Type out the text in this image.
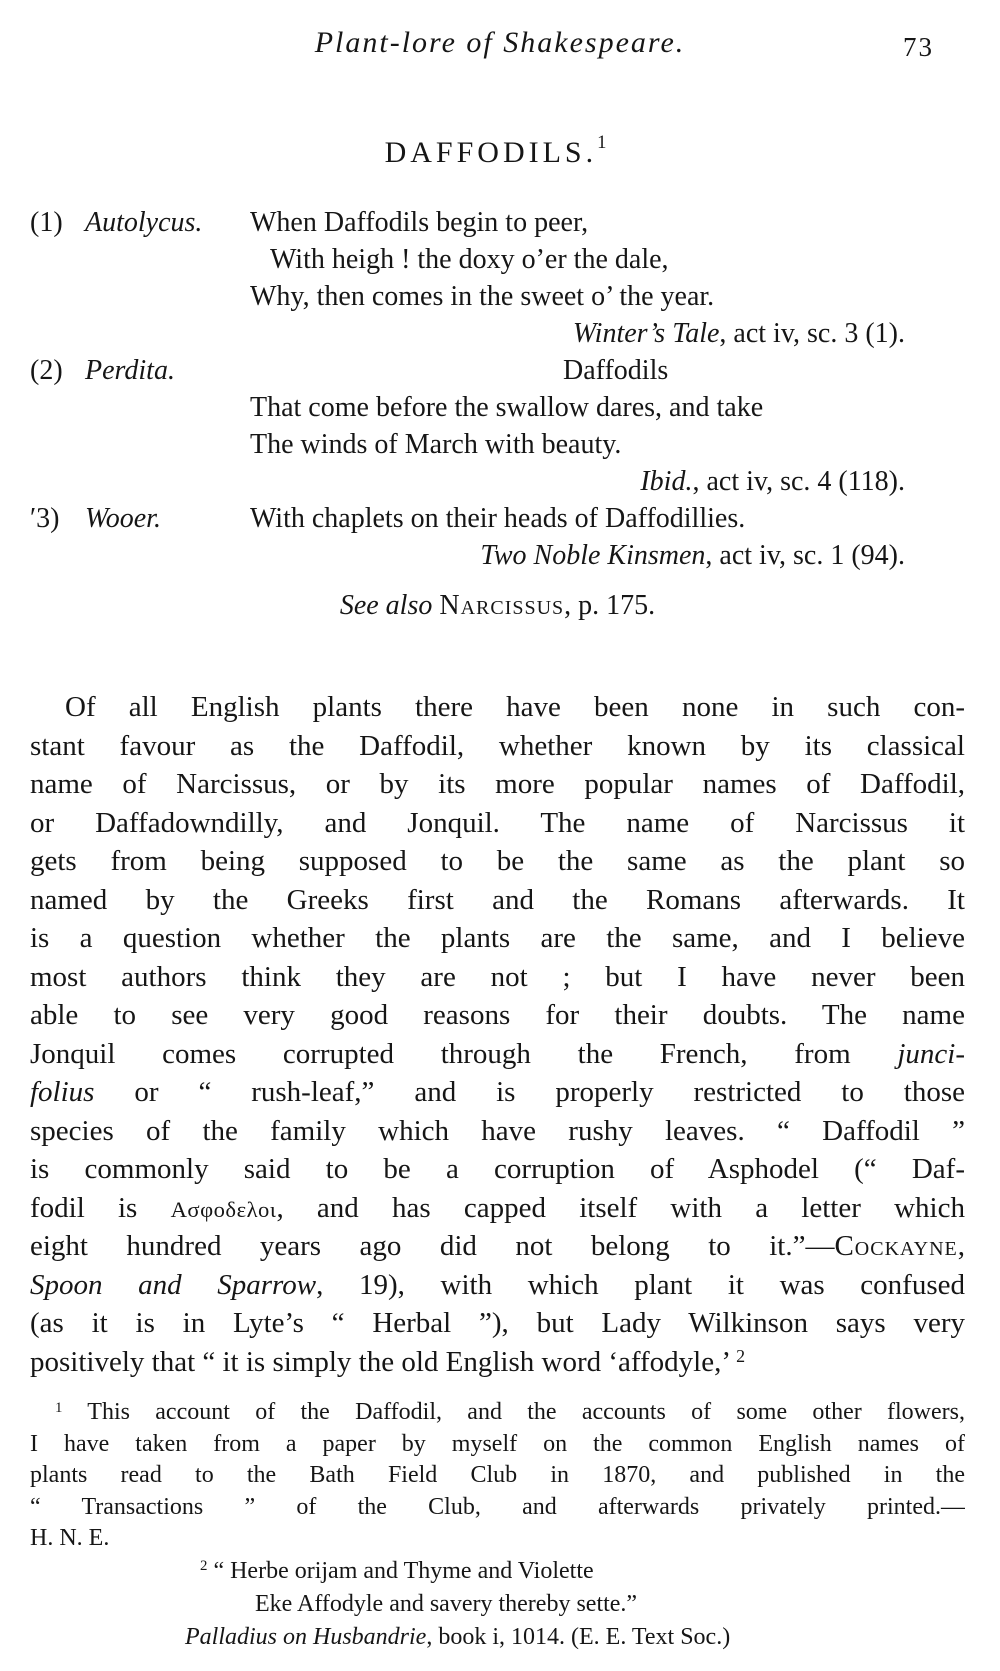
Plant-lore of Shakespeare.	73
DAFFODILS.$^1$
(1) Autolycus.	When Daffodils begin to peer,
With heigh ! the doxy o’er the dale,
Why, then comes in the sweet o’ the year.
Winter’s Tale, act iv, sc. 3 (1).
(2) Perdita.	Daffodils
That come before the swallow dares, and take
The winds of March with beauty.
Ibid., act iv, sc. 4 (118).
′3) Wooer.	With chaplets on their heads of Daffodillies.
Two Noble Kinsmen, act iv, sc. 1 (94).
See also Narcissus, p. 175.
Of all English plants there have been none in such con-
stant favour as the Daffodil, whether known by its classical
name of Narcissus, or by its more popular names of Daffodil,
or Daffadowndilly, and Jonquil. The name of Narcissus it
gets from being supposed to be the same as the plant so
named by the Greeks first and the Romans afterwards. It
is a question whether the plants are the same, and I believe
most authors think they are not ; but I have never been
able to see very good reasons for their doubts. The name
Jonquil comes corrupted through the French, from junci-
folius or “ rush-leaf,” and is properly restricted to those
species of the family which have rushy leaves. “ Daffodil ”
is commonly said to be a corruption of Asphodel (“ Daf-
fodil is Ασφοδελοι, and has capped itself with a letter which
eight hundred years ago did not belong to it.”—Cockayne,
Spoon and Sparrow, 19), with which plant it was confused
(as it is in Lyte’s “ Herbal ”), but Lady Wilkinson says very
positively that “ it is simply the old English word ‘affodyle,’ $^2$
$^1$ This account of the Daffodil, and the accounts of some other flowers,
I have taken from a paper by myself on the common English names of
plants read to the Bath Field Club in 1870, and published in the
“ Transactions ” of the Club, and afterwards privately printed.—
H. N. E.
$^2$ “ Herbe orijam and Thyme and Violette
Eke Affodyle and savery thereby sette.”
Palladius on Husbandrie, book i, 1014. (E. E. Text Soc.)
